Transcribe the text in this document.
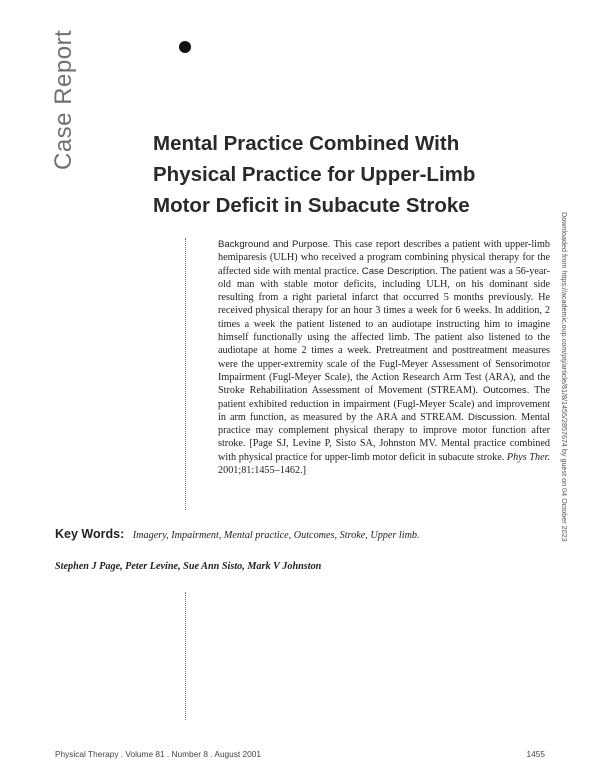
Case Report	Mental Practice Combined With
Physical Practice for Upper-Limb
Motor Deficit in Subacute Stroke

Background and Purpose. This case report describes a patient with upper-limb hemiparesis (ULH) who received a program combining physical therapy for the affected side with mental practice. Case Description. The patient was a 56-year-old man with stable motor deficits, including ULH, on his dominant side resulting from a right parietal infarct that occurred 5 months previously. He received physical therapy for an hour 3 times a week for 6 weeks. In addition, 2 times a week the patient listened to an audiotape instructing him to imagine himself functionally using the affected limb. The patient also listened to the audiotape at home 2 times a week. Pretreatment and posttreatment measures were the upper-extremity scale of the Fugl-Meyer Assessment of Sensorimotor Impairment (Fugl-Meyer Scale), the Action Research Arm Test (ARA), and the Stroke Rehabilitation Assessment of Movement (STREAM). Outcomes. The patient exhibited reduction in impairment (Fugl-Meyer Scale) and improvement in arm function, as measured by the ARA and STREAM. Discussion. Mental practice may complement physical therapy to improve motor function after stroke. [Page SJ, Levine P, Sisto SA, Johnston MV. Mental practice combined with physical practice for upper-limb motor deficit in subacute stroke. Phys Ther. 2001;81:1455–1462.]

Key Words: Imagery, Impairment, Mental practice, Outcomes, Stroke, Upper limb.
Stephen J Page, Peter Levine, Sue Ann Sisto, Mark V Johnston
Downloaded from https://academic.oup.com/ptj/article/81/8/1455/2857674 by guest on 04 October 2023
Physical Therapy . Volume 81 . Number 8 . August 2001	1455
